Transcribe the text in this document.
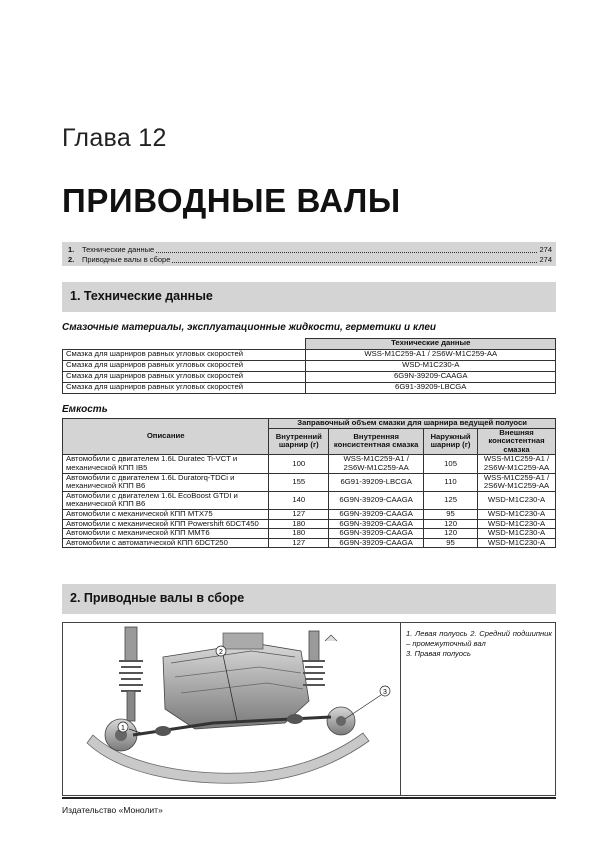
Глава 12
ПРИВОДНЫЕ ВАЛЫ
1.	Технические данные	274
2.	Приводные валы в сборе	274
1. Технические данные
Смазочные материалы, эксплуатационные жидкости, герметики и клеи
	Технические данные
Смазка для шарниров равных угловых скоростей	WSS-M1C259-A1 / 2S6W-M1C259-AA
Смазка для шарниров равных угловых скоростей	WSD-M1C230-A
Смазка для шарниров равных угловых скоростей	6G9N-39209-CAAGA
Смазка для шарниров равных угловых скоростей	6G91-39209-LBCGA
Емкость
Описание	Заправочный объем смазки для шарнира ведущей полуоси			
	Внутренний шарнир (г)	Внутренняя консистентная смазка	Наружный шарнир (г)	Внешняя консистентная смазка
Автомобили с двигателем 1.6L Duratec Ti-VCT и механической КПП IB5	100	WSS-M1C259-A1 / 2S6W-M1C259-AA	105	WSS-M1C259-A1 / 2S6W-M1C259-AA
Автомобили с двигателем 1.6L Duratorq-TDCi и механической КПП B6	155	6G91-39209-LBCGA	110	WSS-M1C259-A1 / 2S6W-M1C259-AA
Автомобили с двигателем 1.6L EcoBoost GTDI и механической КПП B6	140	6G9N-39209-CAAGA	125	WSD-M1C230-A
Автомобили с механической КПП MTX75	127	6G9N-39209-CAAGA	95	WSD-M1C230-A
Автомобили с механической КПП Powershift 6DCT450	180	6G9N-39209-CAAGA	120	WSD-M1C230-A
Автомобили с механической КПП MMT6	180	6G9N-39209-CAAGA	120	WSD-M1C230-A
Автомобили с автоматической КПП 6DCT250	127	6G9N-39209-CAAGA	95	WSD-M1C230-A
2. Приводные валы в сборе
1
2
3
1. Левая полуось 2. Средний подшипник – промежуточный вал
3. Правая полуось
Издательство «Монолит»
